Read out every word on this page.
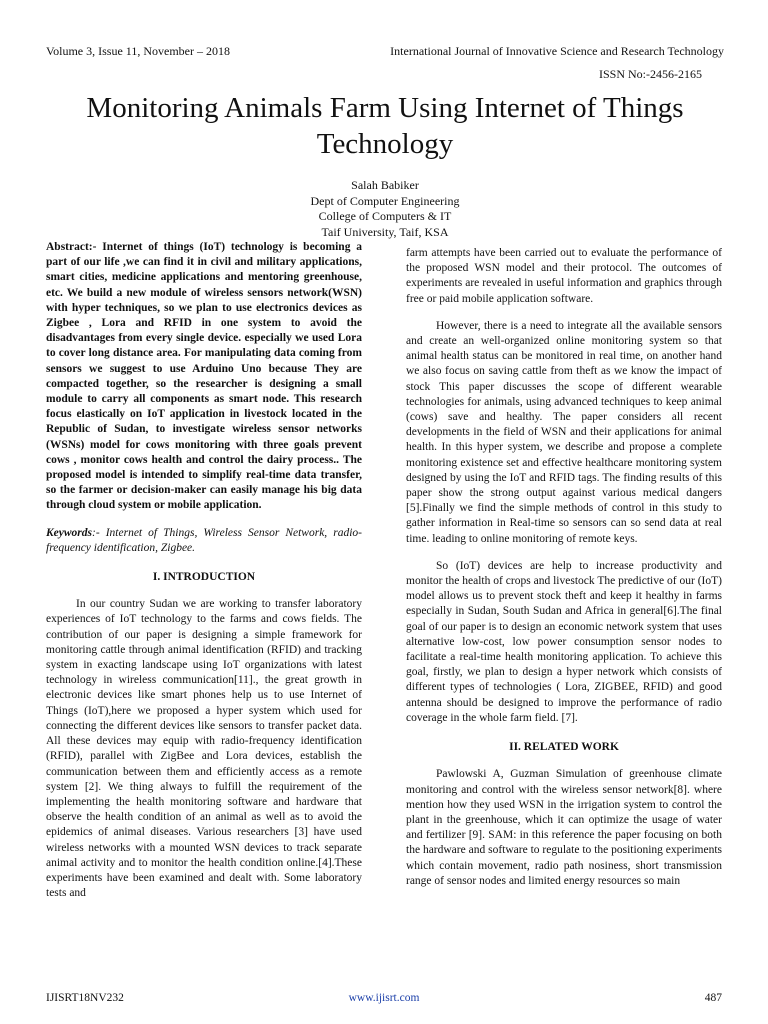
Volume 3, Issue 11, November – 2018	International Journal of Innovative Science and Research Technology
ISSN No:-2456-2165
Monitoring Animals Farm Using Internet of Things Technology
Salah Babiker
Dept of Computer Engineering
College of Computers & IT
Taif University, Taif, KSA

Abstract:- Internet of things (IoT) technology is becoming a part of our life ,we can find it in civil and military applications, smart cities, medicine applications and mentoring greenhouse, etc. We build a new module of wireless sensors network(WSN) with hyper techniques, so we plan to use electronics devices as Zigbee , Lora and RFID in one system to avoid the disadvantages from every single device. especially we used Lora to cover long distance area. For manipulating data coming from sensors we suggest to use Arduino Uno because They are compacted together, so the researcher is designing a small module to carry all components as smart node. This research focus elastically on IoT application in livestock located in the Republic of Sudan, to investigate wireless sensor networks (WSNs) model for cows monitoring with three goals prevent cows , monitor cows health and control the dairy process.. The proposed model is intended to simplify real-time data transfer, so the farmer or decision-maker can easily manage his big data through cloud system or mobile application.

Keywords:- Internet of Things, Wireless Sensor Network, radio-frequency identification, Zigbee.

I. INTRODUCTION

In our country Sudan we are working to transfer laboratory experiences of IoT technology to the farms and cows fields. The contribution of our paper is designing a simple framework for monitoring cattle through animal identification (RFID) and tracking system in exacting landscape using IoT organizations with latest technology in wireless communication[11]., the great growth in electronic devices like smart phones help us to use Internet of Things (IoT),here we proposed a hyper system which used for connecting the different devices like sensors to transfer packet data. All these devices may equip with radio-frequency identification (RFID), parallel with ZigBee and Lora devices, establish the communication between them and efficiently access as a remote system [2]. We thing always to fulfill the requirement of the implementing the health monitoring software and hardware that observe the health condition of an animal as well as to avoid the epidemics of animal diseases. Various researchers [3] have used wireless networks with a mounted WSN devices to track separate animal activity and to monitor the health condition online.[4].These experiments have been examined and dealt with. Some laboratory tests and

farm attempts have been carried out to evaluate the performance of the proposed WSN model and their protocol. The outcomes of experiments are revealed in useful information and graphics through free or paid mobile application software.

However, there is a need to integrate all the available sensors and create an well-organized online monitoring system so that animal health status can be monitored in real time, on another hand we also focus on saving cattle from theft as we know the impact of stock This paper discusses the scope of different wearable technologies for animals, using advanced techniques to keep animal (cows) save and healthy. The paper considers all recent developments in the field of WSN and their applications for animal health. In this hyper system, we describe and propose a complete monitoring existence set and effective healthcare monitoring system designed by using the IoT and RFID tags. The finding results of this paper show the strong output against various medical dangers [5].Finally we find the simple methods of control in this study to gather information in Real-time so sensors can so send data at real time. leading to online monitoring of remote keys.

So (IoT) devices are help to increase productivity and monitor the health of crops and livestock The predictive of our (IoT) model allows us to prevent stock theft and keep it healthy in farms especially in Sudan, South Sudan and Africa in general[6].The final goal of our paper is to design an economic network system that uses alternative low-cost, low power consumption sensor nodes to facilitate a real-time health monitoring application. To achieve this goal, firstly, we plan to design a hyper network which consists of different types of technologies ( Lora, ZIGBEE, RFID) and good antenna should be designed to improve the performance of radio coverage in the whole farm field. [7].

II. RELATED WORK

Pawlowski A, Guzman Simulation of greenhouse climate monitoring and control with the wireless sensor network[8]. where mention how they used WSN in the irrigation system to control the plant in the greenhouse, which it can optimize the usage of water and fertilizer [9]. SAM: in this reference the paper focusing on both the hardware and software to regulate to the positioning experiments which contain movement, radio path nosiness, short transmission range of sensor nodes and limited energy resources so main

IJISRT18NV232	www.ijisrt.com	487
